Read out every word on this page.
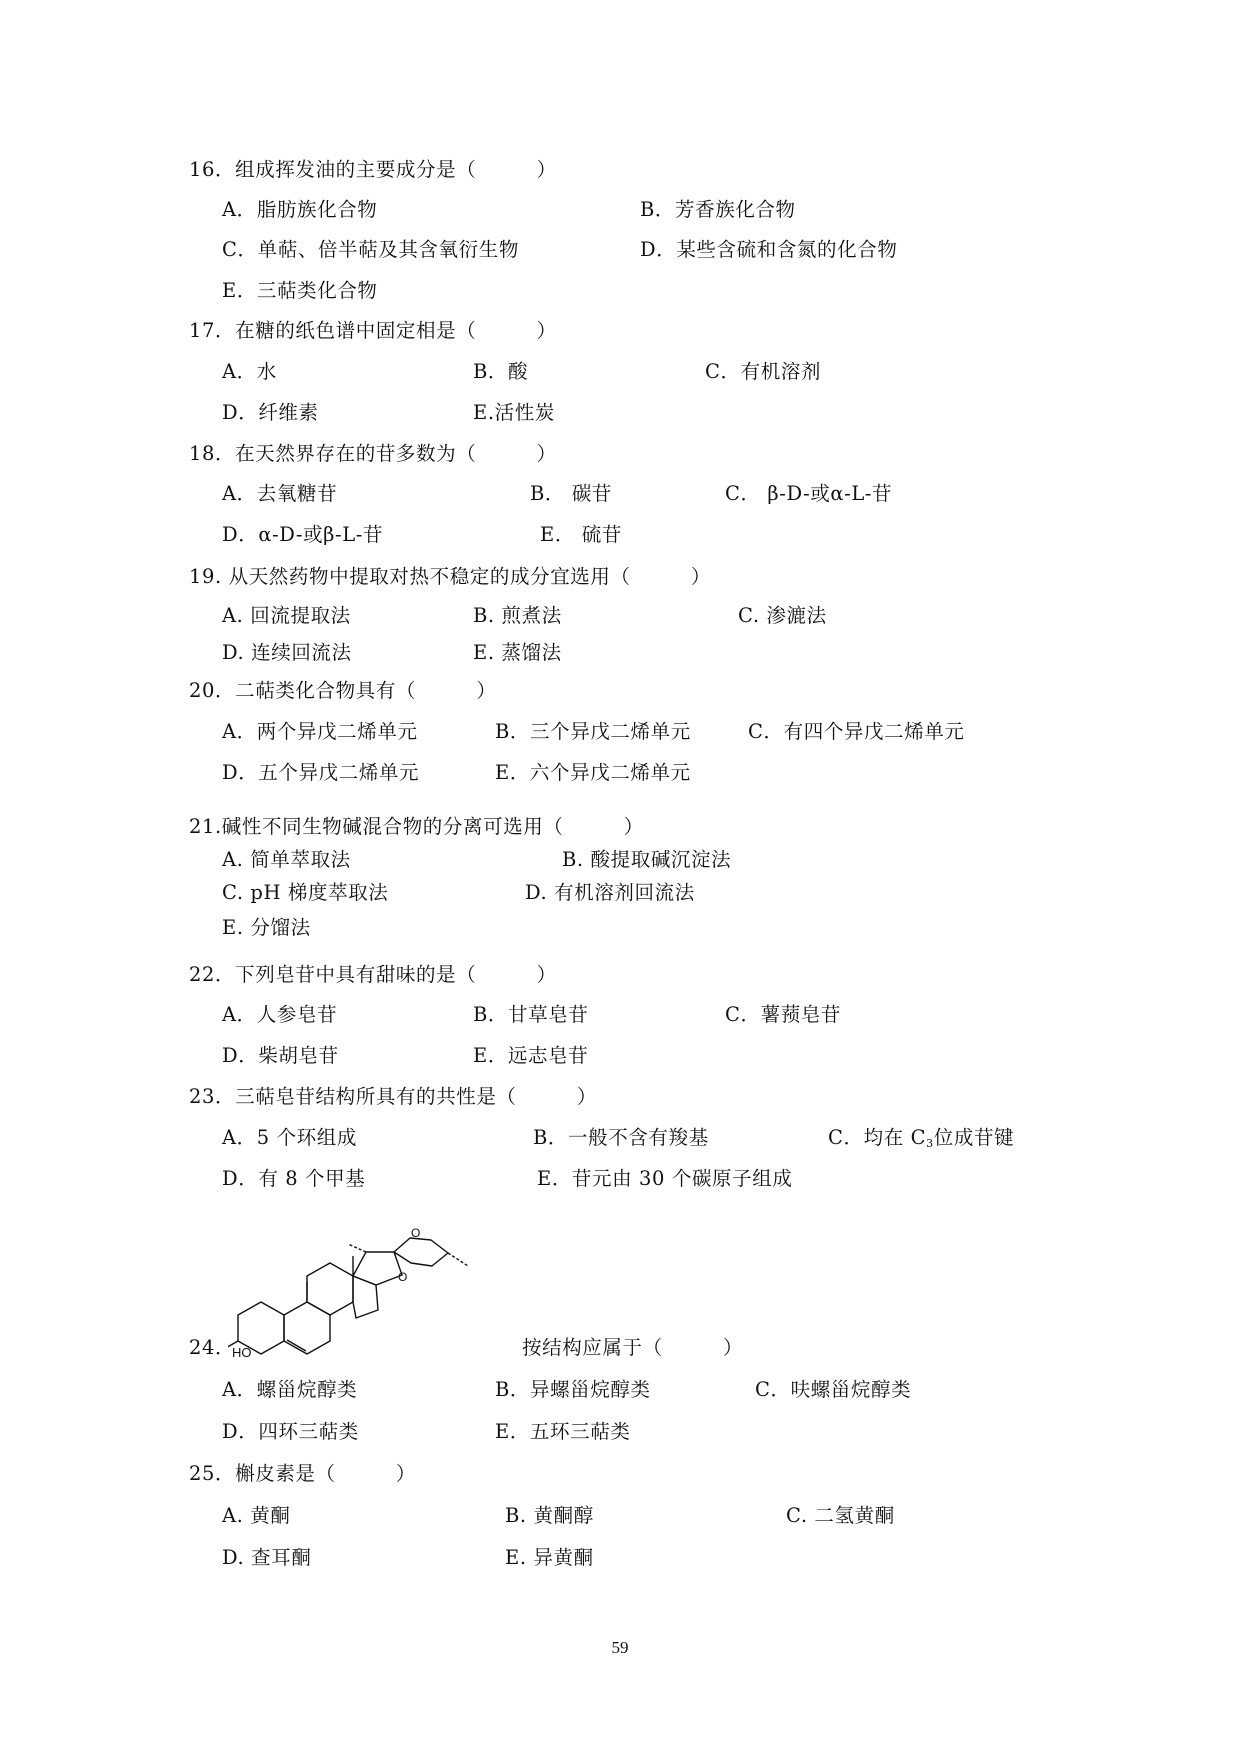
16．组成挥发油的主要成分是（　　　）
A．脂肪族化合物	B．芳香族化合物
C．单萜、倍半萜及其含氧衍生物	D．某些含硫和含氮的化合物
E．三萜类化合物
17．在糖的纸色谱中固定相是（　　　）
A．水	B．酸	C．有机溶剂
D．纤维素	E.活性炭
18．在天然界存在的苷多数为（　　　）
A．去氧糖苷	B． 碳苷	C． β-D-或α-L-苷
D．α-D-或β-L-苷	E． 硫苷
19. 从天然药物中提取对热不稳定的成分宜选用（　　　）
A. 回流提取法	B. 煎煮法	C. 渗漉法
D. 连续回流法	E. 蒸馏法
20．二萜类化合物具有（　　　）
A．两个异戊二烯单元	B．三个异戊二烯单元	C．有四个异戊二烯单元
D．五个异戊二烯单元	E．六个异戊二烯单元
21.碱性不同生物碱混合物的分离可选用（　　　）
A. 简单萃取法	B. 酸提取碱沉淀法
C. pH 梯度萃取法	D. 有机溶剂回流法
E. 分馏法
22．下列皂苷中具有甜味的是（　　　）
A．人参皂苷	B．甘草皂苷	C．薯蓣皂苷
D．柴胡皂苷	E．远志皂苷
23．三萜皂苷结构所具有的共性是（　　　）
A．5 个环组成	B．一般不含有羧基	C．均在 $C_3$位成苷键
D．有 8 个甲基	E．苷元由 30 个碳原子组成
O
O
HO
24．	按结构应属于（　　　）
A．螺甾烷醇类	B．异螺甾烷醇类	C．呋螺甾烷醇类
D．四环三萜类	E．五环三萜类
25．槲皮素是（　　　）
A. 黄酮	B. 黄酮醇	C. 二氢黄酮
D. 查耳酮	E. 异黄酮
59
